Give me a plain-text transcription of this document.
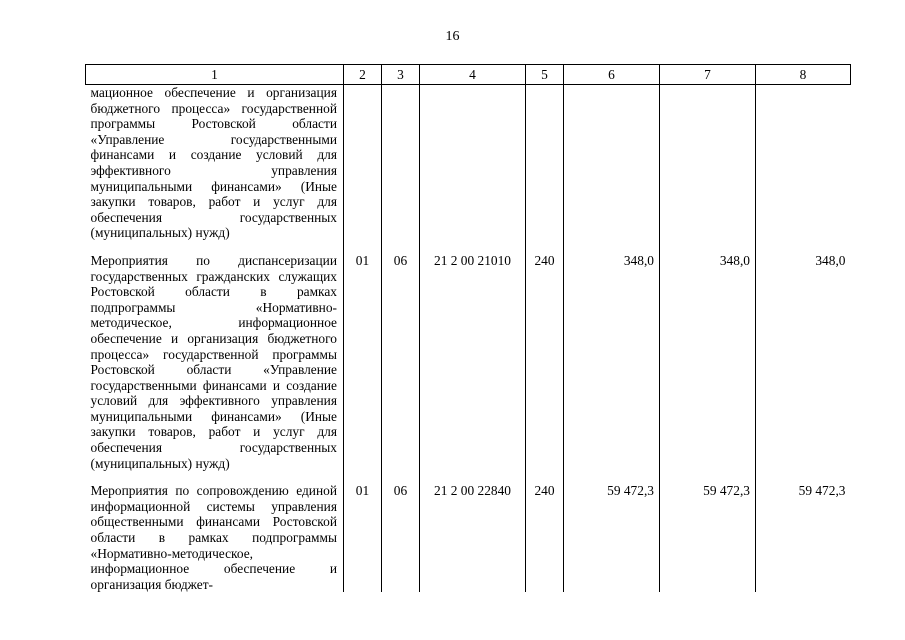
16
1	2	3	4	5	6	7	8
мационное обеспечение и организация бюджетного процесса» государственной программы Ростовской области «Управление государственными финансами и создание условий для эффективного управления муниципальными финансами» (Иные закупки товаров, работ и услуг для обеспечения государственных (муниципальных) нужд)							
Мероприятия по диспансеризации государственных гражданских служащих Ростовской области в рамках подпрограммы «Нормативно-методическое, информационное обеспечение и организация бюджетного процесса» государственной программы Ростовской области «Управление государственными финансами и создание условий для эффективного управления муниципальными финансами» (Иные закупки товаров, работ и услуг для обеспечения государственных (муниципальных) нужд)	01	06	21 2 00 21010	240	348,0	348,0	348,0
Мероприятия по сопровождению единой информационной системы управления общественными финансами Ростовской области в рамках подпрограммы «Нормативно-методическое, информационное обеспечение и организация бюджет-	01	06	21 2 00 22840	240	59 472,3	59 472,3	59 472,3
